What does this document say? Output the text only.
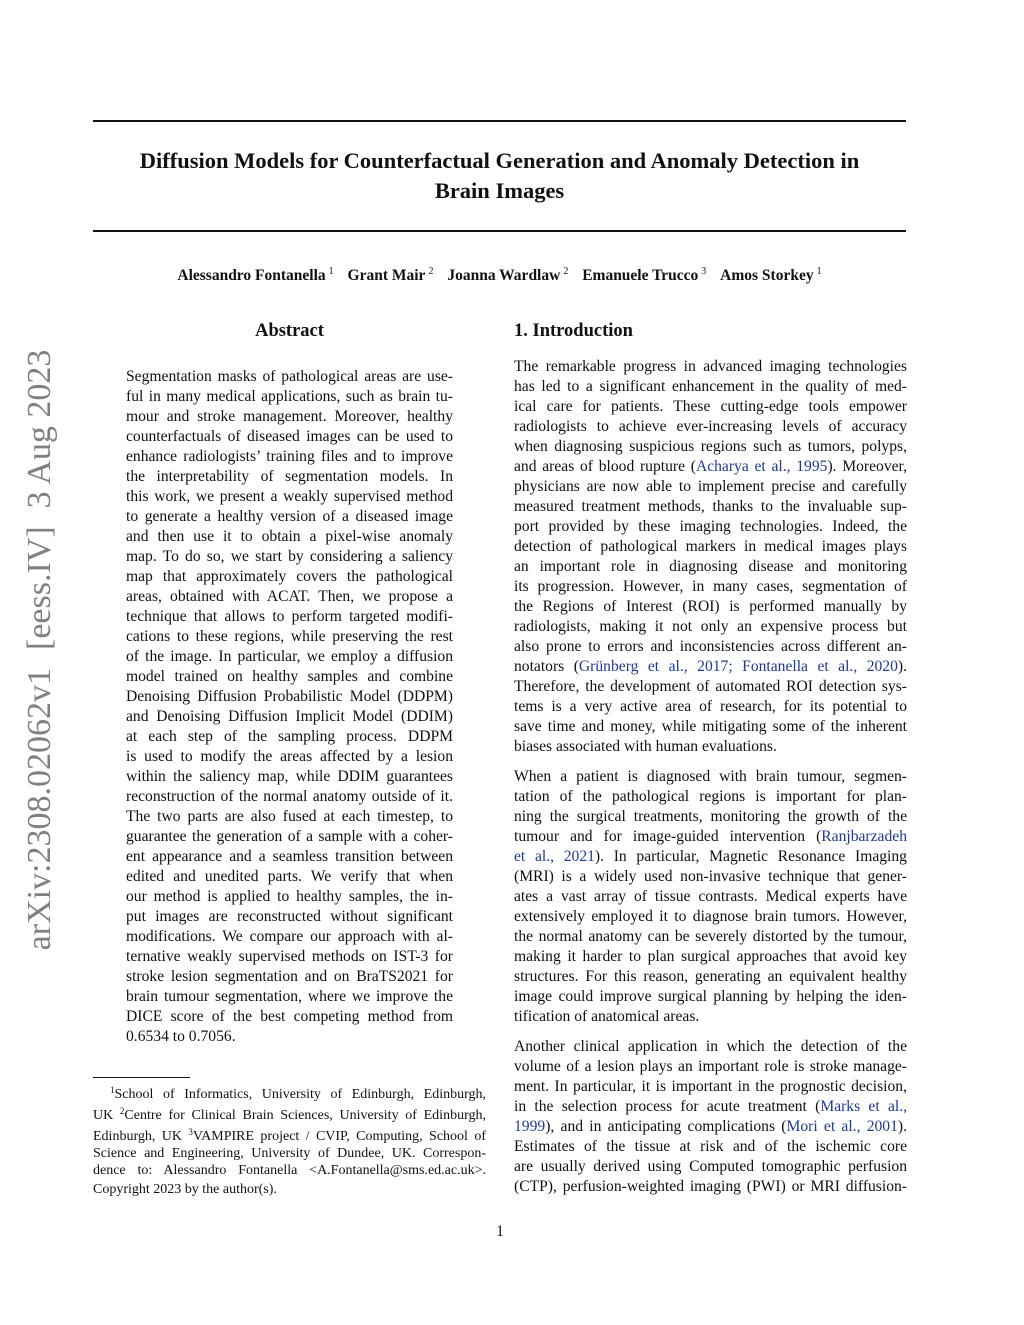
arXiv:2308.02062v1[eess.IV]3 Aug 2023
Diffusion Models for Counterfactual Generation and Anomaly Detection in
Brain Images
Alessandro Fontanella $^1$ Grant Mair $^2$ Joanna Wardlaw $^2$ Emanuele Trucco $^3$ Amos Storkey $^1$
Abstract	1. Introduction
Segmentation masks of pathological areas are use-
ful in many medical applications, such as brain tu-
mour and stroke management. Moreover, healthy
counterfactuals of diseased images can be used to
enhance radiologists’ training files and to improve
the interpretability of segmentation models. In
this work, we present a weakly supervised method
to generate a healthy version of a diseased image
and then use it to obtain a pixel-wise anomaly
map. To do so, we start by considering a saliency
map that approximately covers the pathological
areas, obtained with ACAT. Then, we propose a
technique that allows to perform targeted modifi-
cations to these regions, while preserving the rest
of the image. In particular, we employ a diffusion
model trained on healthy samples and combine
Denoising Diffusion Probabilistic Model (DDPM)
and Denoising Diffusion Implicit Model (DDIM)
at each step of the sampling process. DDPM
is used to modify the areas affected by a lesion
within the saliency map, while DDIM guarantees
reconstruction of the normal anatomy outside of it.
The two parts are also fused at each timestep, to
guarantee the generation of a sample with a coher-
ent appearance and a seamless transition between
edited and unedited parts. We verify that when
our method is applied to healthy samples, the in-
put images are reconstructed without significant
modifications. We compare our approach with al-
ternative weakly supervised methods on IST-3 for
stroke lesion segmentation and on BraTS2021 for
brain tumour segmentation, where we improve the
DICE score of the best competing method from
0.6534 to 0.7056.
The remarkable progress in advanced imaging technologies
has led to a significant enhancement in the quality of med-
ical care for patients. These cutting-edge tools empower
radiologists to achieve ever-increasing levels of accuracy
when diagnosing suspicious regions such as tumors, polyps,
and areas of blood rupture (Acharya et al., 1995). Moreover,
physicians are now able to implement precise and carefully
measured treatment methods, thanks to the invaluable sup-
port provided by these imaging technologies. Indeed, the
detection of pathological markers in medical images plays
an important role in diagnosing disease and monitoring
its progression. However, in many cases, segmentation of
the Regions of Interest (ROI) is performed manually by
radiologists, making it not only an expensive process but
also prone to errors and inconsistencies across different an-
notators (Grünberg et al., 2017; Fontanella et al., 2020).
Therefore, the development of automated ROI detection sys-
tems is a very active area of research, for its potential to
save time and money, while mitigating some of the inherent
biases associated with human evaluations.
When a patient is diagnosed with brain tumour, segmen-
tation of the pathological regions is important for plan-
ning the surgical treatments, monitoring the growth of the
tumour and for image-guided intervention (Ranjbarzadeh
et al., 2021). In particular, Magnetic Resonance Imaging
(MRI) is a widely used non-invasive technique that gener-
ates a vast array of tissue contrasts. Medical experts have
extensively employed it to diagnose brain tumors. However,
the normal anatomy can be severely distorted by the tumour,
making it harder to plan surgical approaches that avoid key
structures. For this reason, generating an equivalent healthy
image could improve surgical planning by helping the iden-
tification of anatomical areas.
Another clinical application in which the detection of the
volume of a lesion plays an important role is stroke manage-
ment. In particular, it is important in the prognostic decision,
in the selection process for acute treatment (Marks et al.,
1999), and in anticipating complications (Mori et al., 2001).
Estimates of the tissue at risk and of the ischemic core
are usually derived using Computed tomographic perfusion
(CTP), perfusion-weighted imaging (PWI) or MRI diffusion-
$^1$School of Informatics, University of Edinburgh, Edinburgh,
UK $^2$Centre for Clinical Brain Sciences, University of Edinburgh,
Edinburgh, UK $^3$VAMPIRE project / CVIP, Computing, School of
Science and Engineering, University of Dundee, UK. Correspon-
dence to: Alessandro Fontanella <A.Fontanella@sms.ed.ac.uk>.
Copyright 2023 by the author(s).
1
